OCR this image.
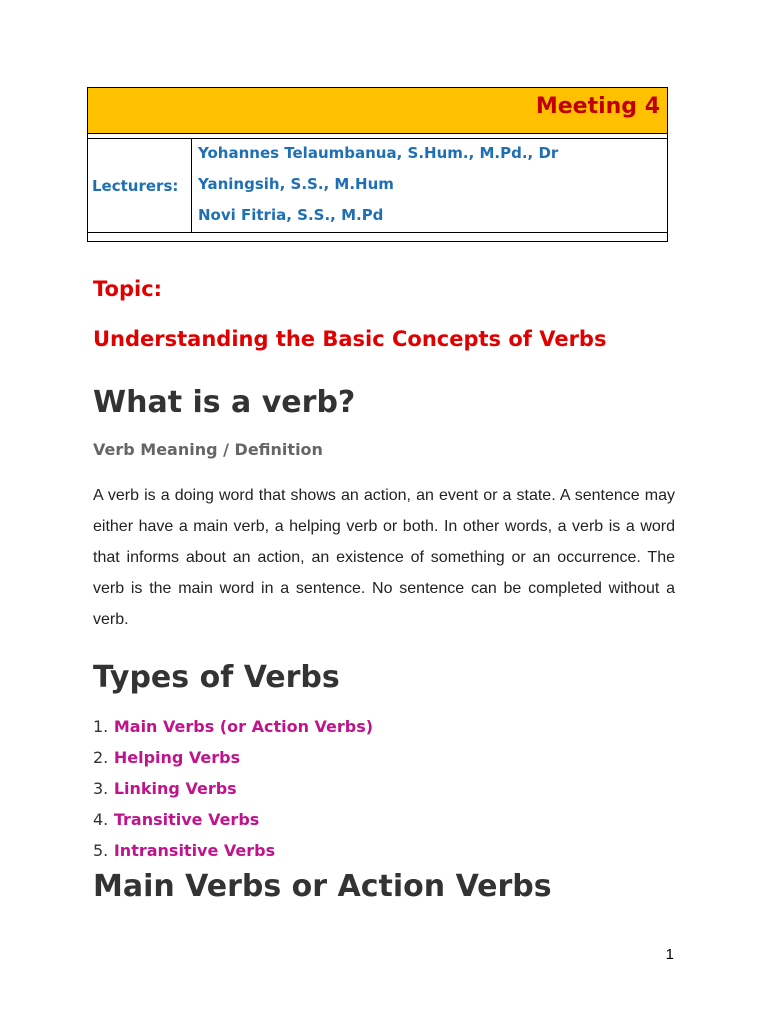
Meeting 4
Lecturers:
Yohannes Telaumbanua, S.Hum., M.Pd., Dr
Yaningsih, S.S., M.Hum
Novi Fitria, S.S., M.Pd
Topic:
Understanding the Basic Concepts of Verbs
What is a verb?
Verb Meaning / Definition
A verb is a doing word that shows an action, an event or a state. A sentence may either have a main verb, a helping verb or both. In other words, a verb is a word that informs about an action, an existence of something or an occurrence. The verb is the main word in a sentence. No sentence can be completed without a verb.
Types of Verbs
1. Main Verbs (or Action Verbs)
2. Helping Verbs
3. Linking Verbs
4. Transitive Verbs
5. Intransitive Verbs
Main Verbs or Action Verbs
1
